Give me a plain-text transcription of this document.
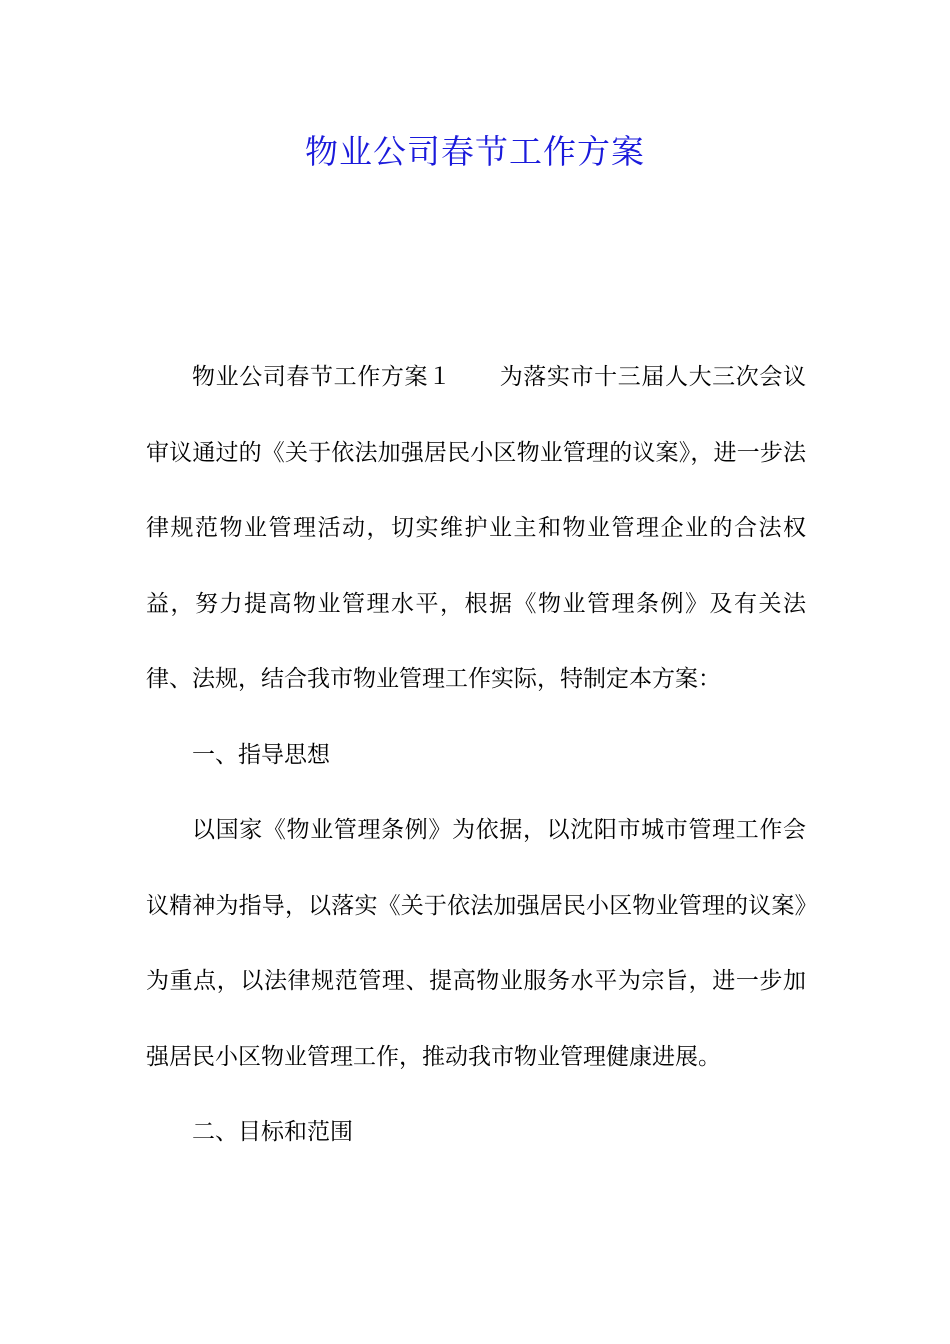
物业公司春节工作方案

物业公司春节工作方案１ 为落实市十三届人大三次会议审议通过的《关于依法加强居民小区物业管理的议案》，进一步法律规范物业管理活动，切实维护业主和物业管理企业的合法权益，努力提高物业管理水平，根据《物业管理条例》及有关法律、法规，结合我市物业管理工作实际，特制定本方案：

一、指导思想

以国家《物业管理条例》为依据，以沈阳市城市管理工作会议精神为指导，以落实《关于依法加强居民小区物业管理的议案》为重点，以法律规范管理、提高物业服务水平为宗旨，进一步加强居民小区物业管理工作，推动我市物业管理健康进展。

二、目标和范围
